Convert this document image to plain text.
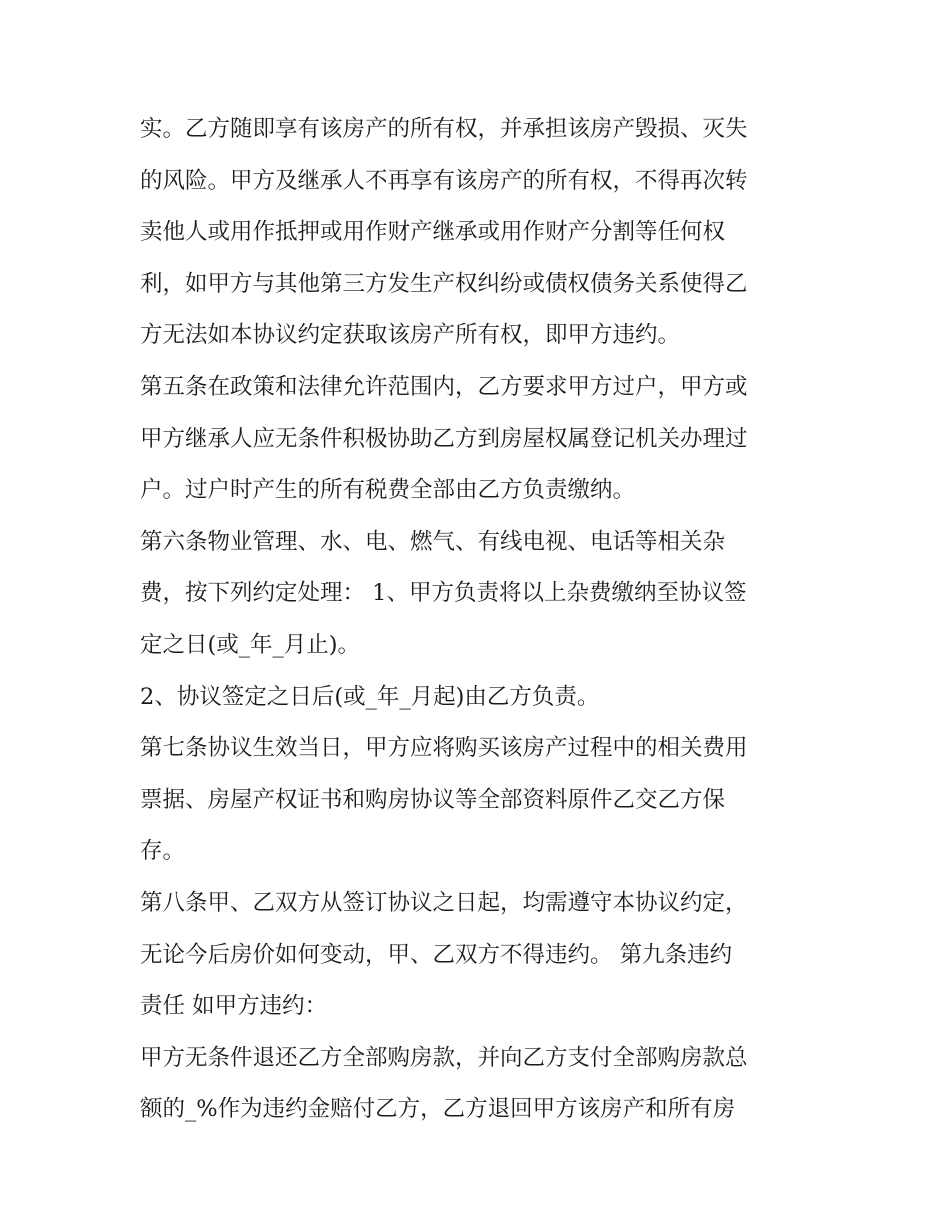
实。乙方随即享有该房产的所有权，并承担该房产毁损、灭失
的风险。甲方及继承人不再享有该房产的所有权，不得再次转
卖他人或用作抵押或用作财产继承或用作财产分割等任何权
利，如甲方与其他第三方发生产权纠纷或债权债务关系使得乙
方无法如本协议约定获取该房产所有权，即甲方违约。
第五条在政策和法律允许范围内，乙方要求甲方过户，甲方或
甲方继承人应无条件积极协助乙方到房屋权属登记机关办理过
户。过户时产生的所有税费全部由乙方负责缴纳。
第六条物业管理、水、电、燃气、有线电视、电话等相关杂
费，按下列约定处理： 1、甲方负责将以上杂费缴纳至协议签
定之日(或_年_月止)。
2、协议签定之日后(或_年_月起)由乙方负责。
第七条协议生效当日，甲方应将购买该房产过程中的相关费用
票据、房屋产权证书和购房协议等全部资料原件乙交乙方保
存。
第八条甲、乙双方从签订协议之日起，均需遵守本协议约定，
无论今后房价如何变动，甲、乙双方不得违约。 第九条违约
责任 如甲方违约：
甲方无条件退还乙方全部购房款，并向乙方支付全部购房款总
额的_%作为违约金赔付乙方，乙方退回甲方该房产和所有房
